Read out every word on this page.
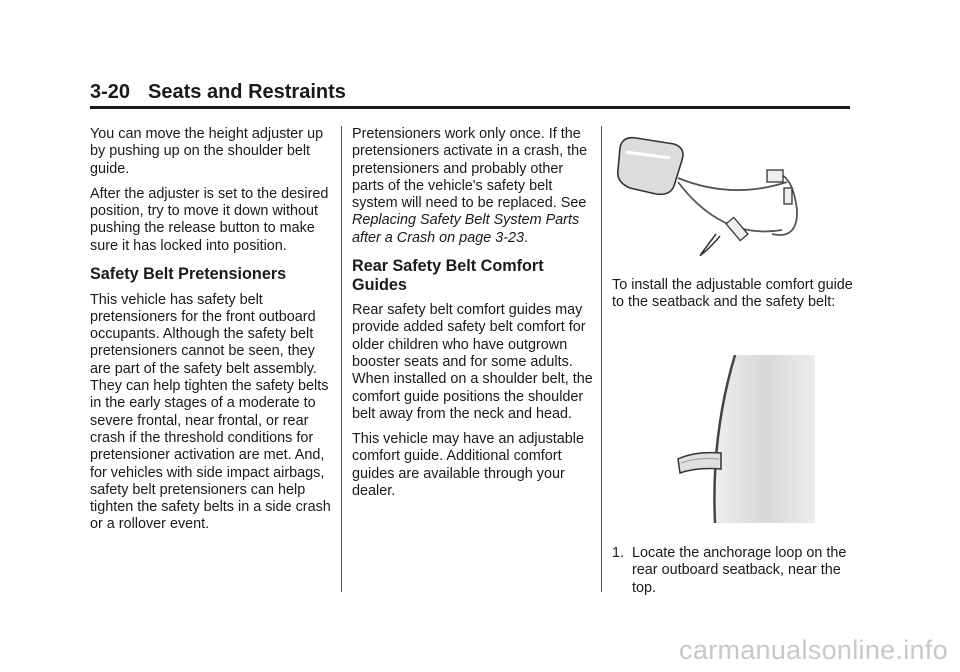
3-20 Seats and Restraints

You can move the height adjuster up by pushing up on the shoulder belt guide.

After the adjuster is set to the desired position, try to move it down without pushing the release button to make sure it has locked into position.

Safety Belt Pretensioners

This vehicle has safety belt pretensioners for the front outboard occupants. Although the safety belt pretensioners cannot be seen, they are part of the safety belt assembly. They can help tighten the safety belts in the early stages of a moderate to severe frontal, near frontal, or rear crash if the threshold conditions for pretensioner activation are met. And, for vehicles with side impact airbags, safety belt pretensioners can help tighten the safety belts in a side crash or a rollover event.

Pretensioners work only once. If the pretensioners activate in a crash, the pretensioners and probably other parts of the vehicle's safety belt system will need to be replaced. See Replacing Safety Belt System Parts after a Crash on page 3-23.

Rear Safety Belt Comfort Guides

Rear safety belt comfort guides may provide added safety belt comfort for older children who have outgrown booster seats and for some adults. When installed on a shoulder belt, the comfort guide positions the shoulder belt away from the neck and head.

This vehicle may have an adjustable comfort guide. Additional comfort guides are available through your dealer.

To install the adjustable comfort guide to the seatback and the safety belt:

1. Locate the anchorage loop on the rear outboard seatback, near the top.
carmanualsonline.info
